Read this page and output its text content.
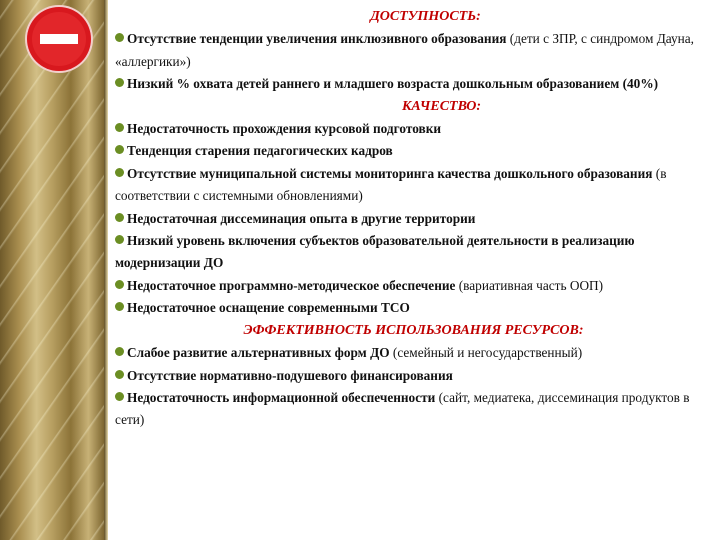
ДОСТУПНОСТЬ:

Отсутствие тенденции увеличения инклюзивного образования (дети с ЗПР, с синдромом Дауна, «аллергики»)

Низкий % охвата детей раннего и младшего возраста дошкольным образованием (40%)

КАЧЕСТВО:

Недостаточность прохождения курсовой подготовки

Тенденция старения педагогических кадров

Отсутствие муниципальной системы мониторинга качества дошкольного образования (в соответствии с системными обновлениями)

Недостаточная диссеминация опыта в другие территории

Низкий уровень включения субъектов образовательной деятельности в реализацию модернизации ДО

Недостаточное программно-методическое обеспечение (вариативная часть ООП)

Недостаточное оснащение современными ТСО

ЭФФЕКТИВНОСТЬ ИСПОЛЬЗОВАНИЯ РЕСУРСОВ:

Слабое развитие альтернативных форм ДО (семейный и негосударственный)

Отсутствие нормативно-подушевого финансирования

Недостаточность информационной обеспеченности (сайт, медиатека, диссеминация продуктов в сети)
